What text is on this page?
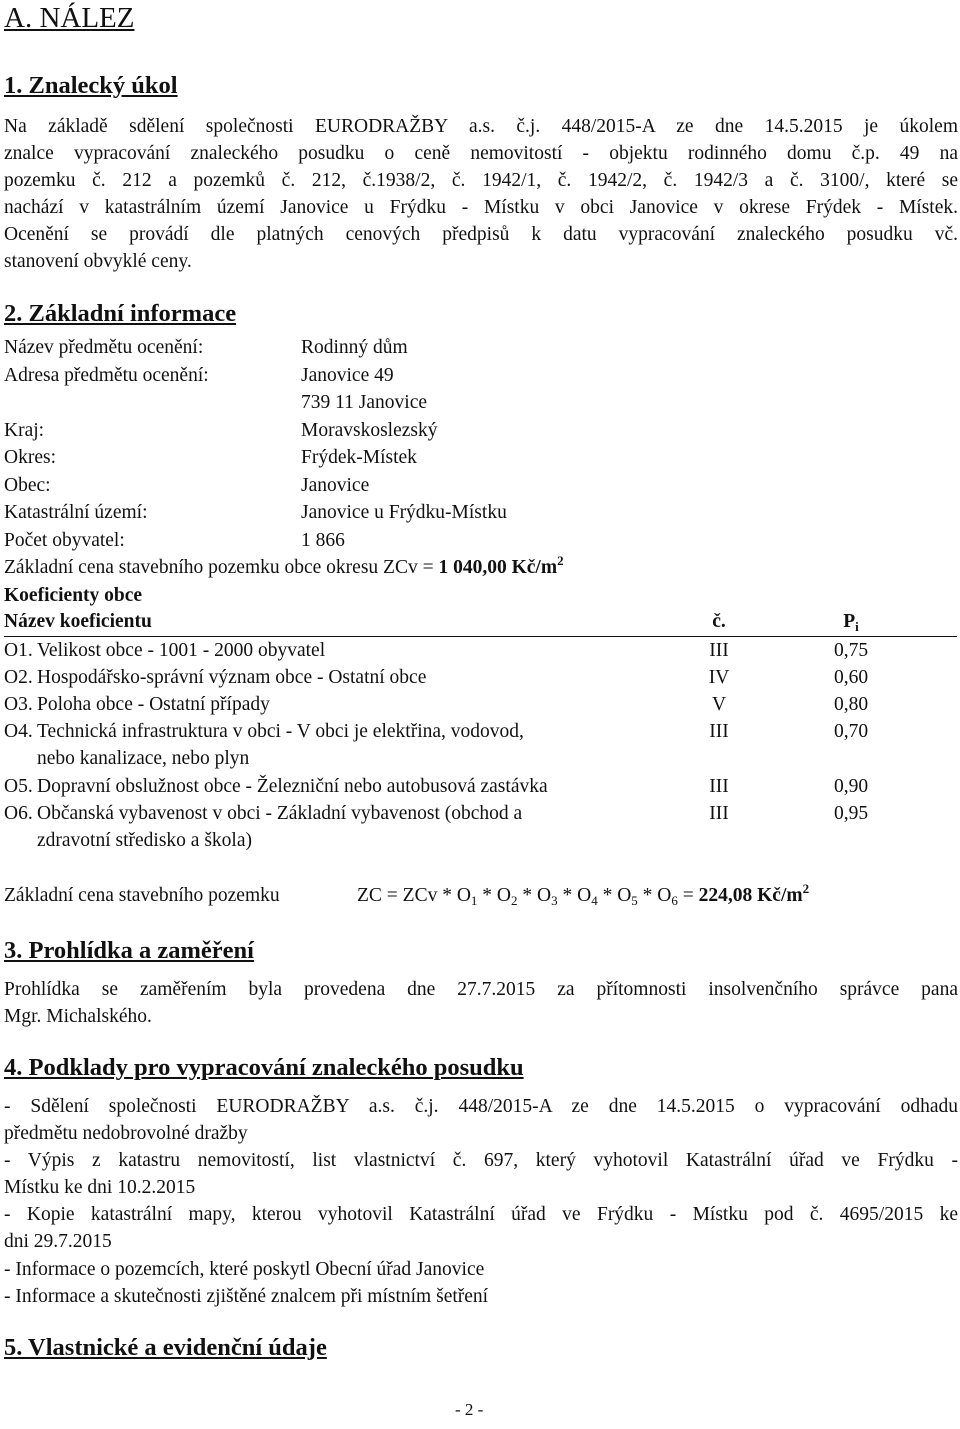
A. NÁLEZ
1. Znalecký úkol
Na základě sdělení společnosti EURODRAŽBY a.s. č.j. 448/2015-A ze dne 14.5.2015 je úkolem
znalce vypracování znaleckého posudku o ceně nemovitostí - objektu rodinného domu č.p. 49 na
pozemku č. 212 a pozemků č. 212, č.1938/2, č. 1942/1, č. 1942/2, č. 1942/3 a č. 3100/, které se
nachází v katastrálním území Janovice u Frýdku - Místku v obci Janovice v okrese Frýdek - Místek.
Ocenění se provádí dle platných cenových předpisů k datu vypracování znaleckého posudku vč.
stanovení obvyklé ceny.
2. Základní informace
Název předmětu ocenění:	Rodinný dům
Adresa předmětu ocenění:	Janovice 49
739 11 Janovice
Kraj:	Moravskoslezský
Okres:	Frýdek-Místek
Obec:	Janovice
Katastrální území:	Janovice u Frýdku-Místku
Počet obyvatel:	1 866
Základní cena stavebního pozemku obce okresu ZCv = 1 040,00 $Kč/m^2$
Koeficienty obce
Název koeficientu	č.	$P_i$
O1. Velikost obce - 1001 - 2000 obyvatel	III	0,75
O2. Hospodářsko-správní význam obce - Ostatní obce	IV	0,60
O3. Poloha obce - Ostatní případy	V	0,80
O4. Technická infrastruktura v obci - V obci je elektřina, vodovod,	III	0,70
nebo kanalizace, nebo plyn
O5. Dopravní obslužnost obce - Železniční nebo autobusová zastávka	III	0,90
O6. Občanská vybavenost v obci - Základní vybavenost (obchod a	III	0,95
zdravotní středisko a škola)
Základní cena stavebního pozemku	ZC = ZCv * $O_1 * O_2 * O_3 * O_4 * O_5 * O_6 = 224,08$ $Kč/m^2$
3. Prohlídka a zaměření
Prohlídka se zaměřením byla provedena dne 27.7.2015 za přítomnosti insolvenčního správce pana
Mgr. Michalského.
4. Podklady pro vypracování znaleckého posudku
- Sdělení společnosti EURODRAŽBY a.s. č.j. 448/2015-A ze dne 14.5.2015 o vypracování odhadu
předmětu nedobrovolné dražby
- Výpis z katastru nemovitostí, list vlastnictví č. 697, který vyhotovil Katastrální úřad ve Frýdku -
Místku ke dni 10.2.2015
- Kopie katastrální mapy, kterou vyhotovil Katastrální úřad ve Frýdku - Místku pod č. 4695/2015 ke
dni 29.7.2015
- Informace o pozemcích, které poskytl Obecní úřad Janovice
- Informace a skutečnosti zjištěné znalcem při místním šetření
5. Vlastnické a evidenční údaje
- 2 -
